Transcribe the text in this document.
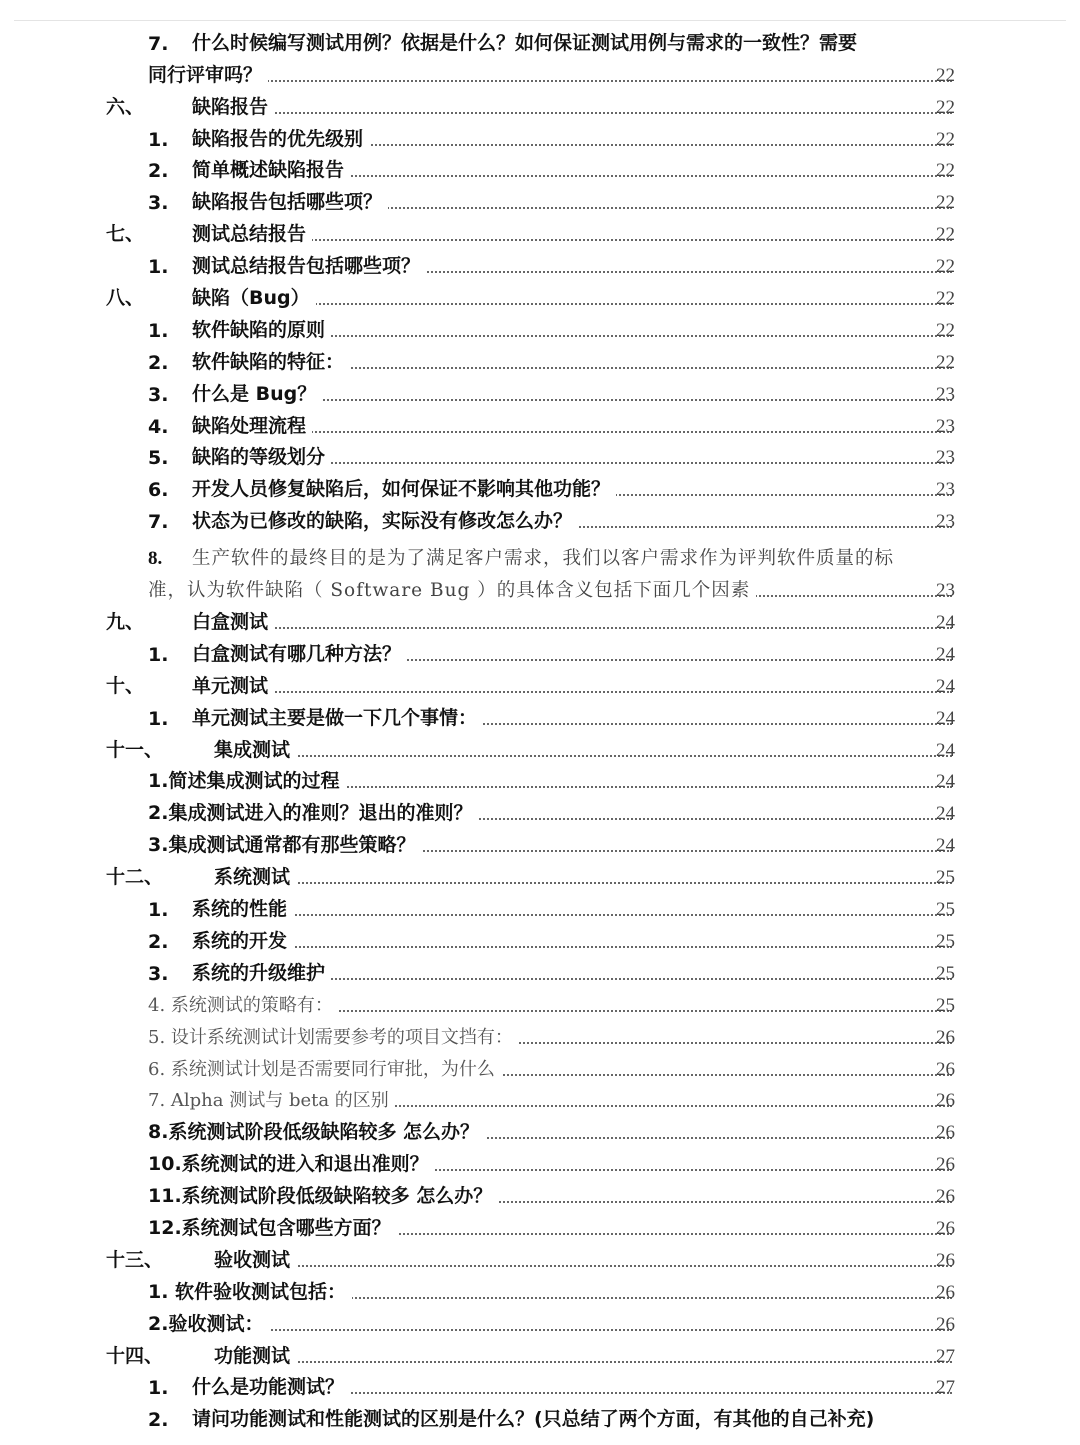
7. 什么时候编写测试用例？依据是什么？如何保证测试用例与需求的一致性？需要
同行评审吗？	22
六、	缺陷报告	22
1. 缺陷报告的优先级别	22
2. 简单概述缺陷报告	22
3. 缺陷报告包括哪些项？	22
七、	测试总结报告	22
1. 测试总结报告包括哪些项？	22
八、	缺陷（Bug）	22
1. 软件缺陷的原则	22
2. 软件缺陷的特征：	22
3. 什么是 Bug？	23
4. 缺陷处理流程	23
5. 缺陷的等级划分	23
6. 开发人员修复缺陷后，如何保证不影响其他功能？	23
7. 状态为已修改的缺陷，实际没有修改怎么办？	23
8. 生产软件的最终目的是为了满足客户需求，我们以客户需求作为评判软件质量的标
准，认为软件缺陷（ Software Bug ）的具体含义包括下面几个因素	23
九、	白盒测试	24
1. 白盒测试有哪几种方法？	24
十、	单元测试	24
1. 单元测试主要是做一下几个事情：	24
十一、	集成测试	24
1.简述集成测试的过程	24
2.集成测试进入的准则？退出的准则？	24
3.集成测试通常都有那些策略？	24
十二、	系统测试	25
1. 系统的性能	25
2. 系统的开发	25
3. 系统的升级维护	25
4. 系统测试的策略有：	25
5. 设计系统测试计划需要参考的项目文挡有：	26
6. 系统测试计划是否需要同行审批，为什么	26
7. Alpha 测试与 beta 的区别	26
8.系统测试阶段低级缺陷较多 怎么办？	26
10.系统测试的进入和退出准则？	26
11.系统测试阶段低级缺陷较多 怎么办？	26
12.系统测试包含哪些方面？	26
十三、	验收测试	26
1. 软件验收测试包括：	26
2.验收测试：	26
十四、	功能测试	27
1. 什么是功能测试？	27
2. 请问功能测试和性能测试的区别是什么？(只总结了两个方面，有其他的自己补充)
